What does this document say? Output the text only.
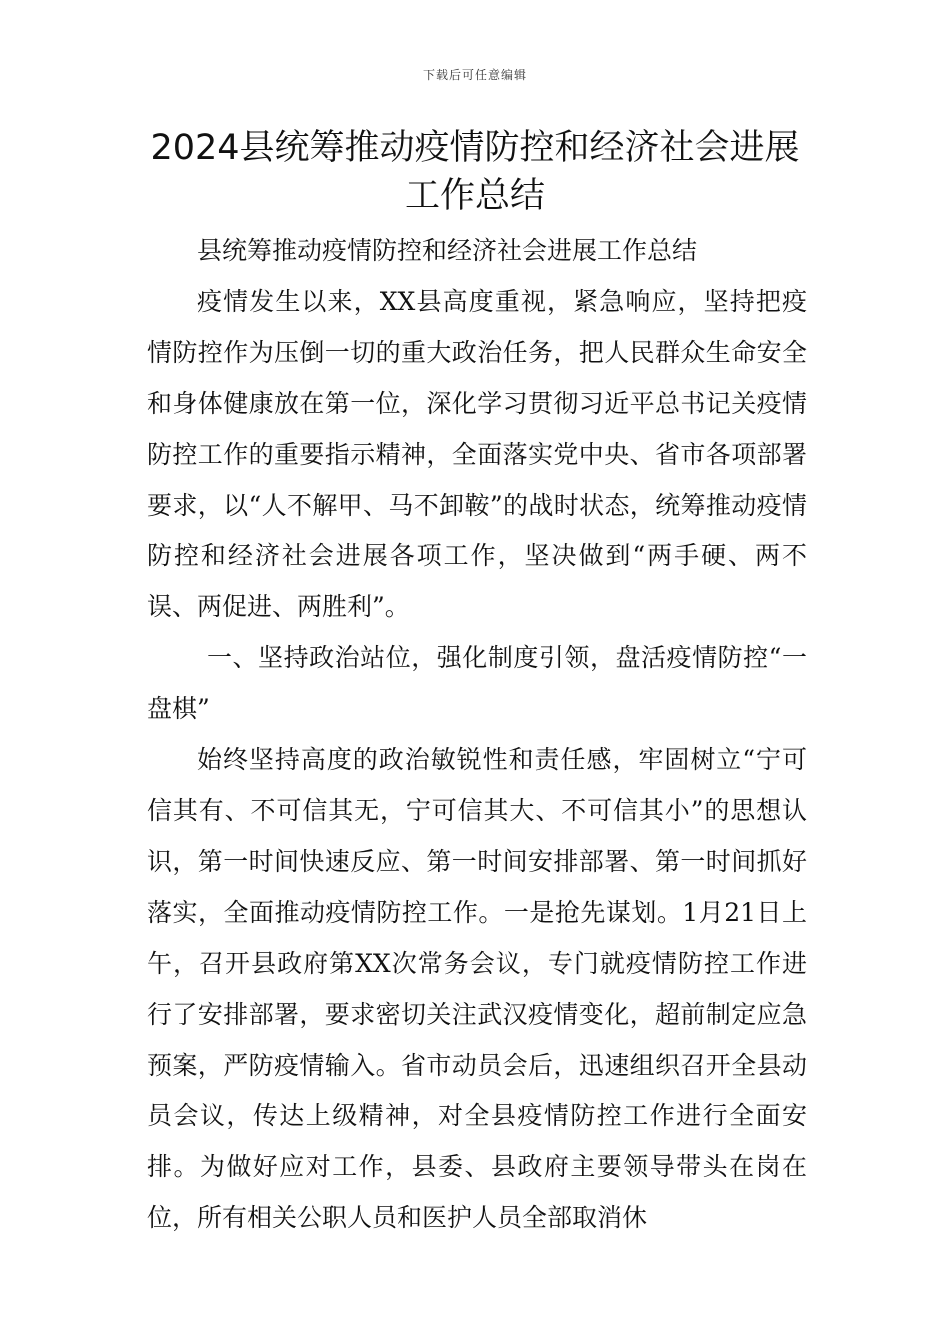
下载后可任意编辑
2024县统筹推动疫情防控和经济社会进展
工作总结

县统筹推动疫情防控和经济社会进展工作总结

疫情发生以来，XX县高度重视，紧急响应，坚持把疫情防控作为压倒一切的重大政治任务，把人民群众生命安全和身体健康放在第一位，深化学习贯彻习近平总书记关疫情防控工作的重要指示精神，全面落实党中央、省市各项部署要求，以“人不解甲、马不卸鞍”的战时状态，统筹推动疫情防控和经济社会进展各项工作，坚决做到“两手硬、两不误、两促进、两胜利”。

一、坚持政治站位，强化制度引领，盘活疫情防控“一盘棋”

始终坚持高度的政治敏锐性和责任感，牢固树立“宁可信其有、不可信其无，宁可信其大、不可信其小”的思想认识，第一时间快速反应、第一时间安排部署、第一时间抓好落实，全面推动疫情防控工作。一是抢先谋划。1月21日上午，召开县政府第XX次常务会议，专门就疫情防控工作进行了安排部署，要求密切关注武汉疫情变化，超前制定应急预案，严防疫情输入。省市动员会后，迅速组织召开全县动员会议，传达上级精神，对全县疫情防控工作进行全面安排。为做好应对工作，县委、县政府主要领导带头在岗在位，所有相关公职人员和医护人员全部取消休
